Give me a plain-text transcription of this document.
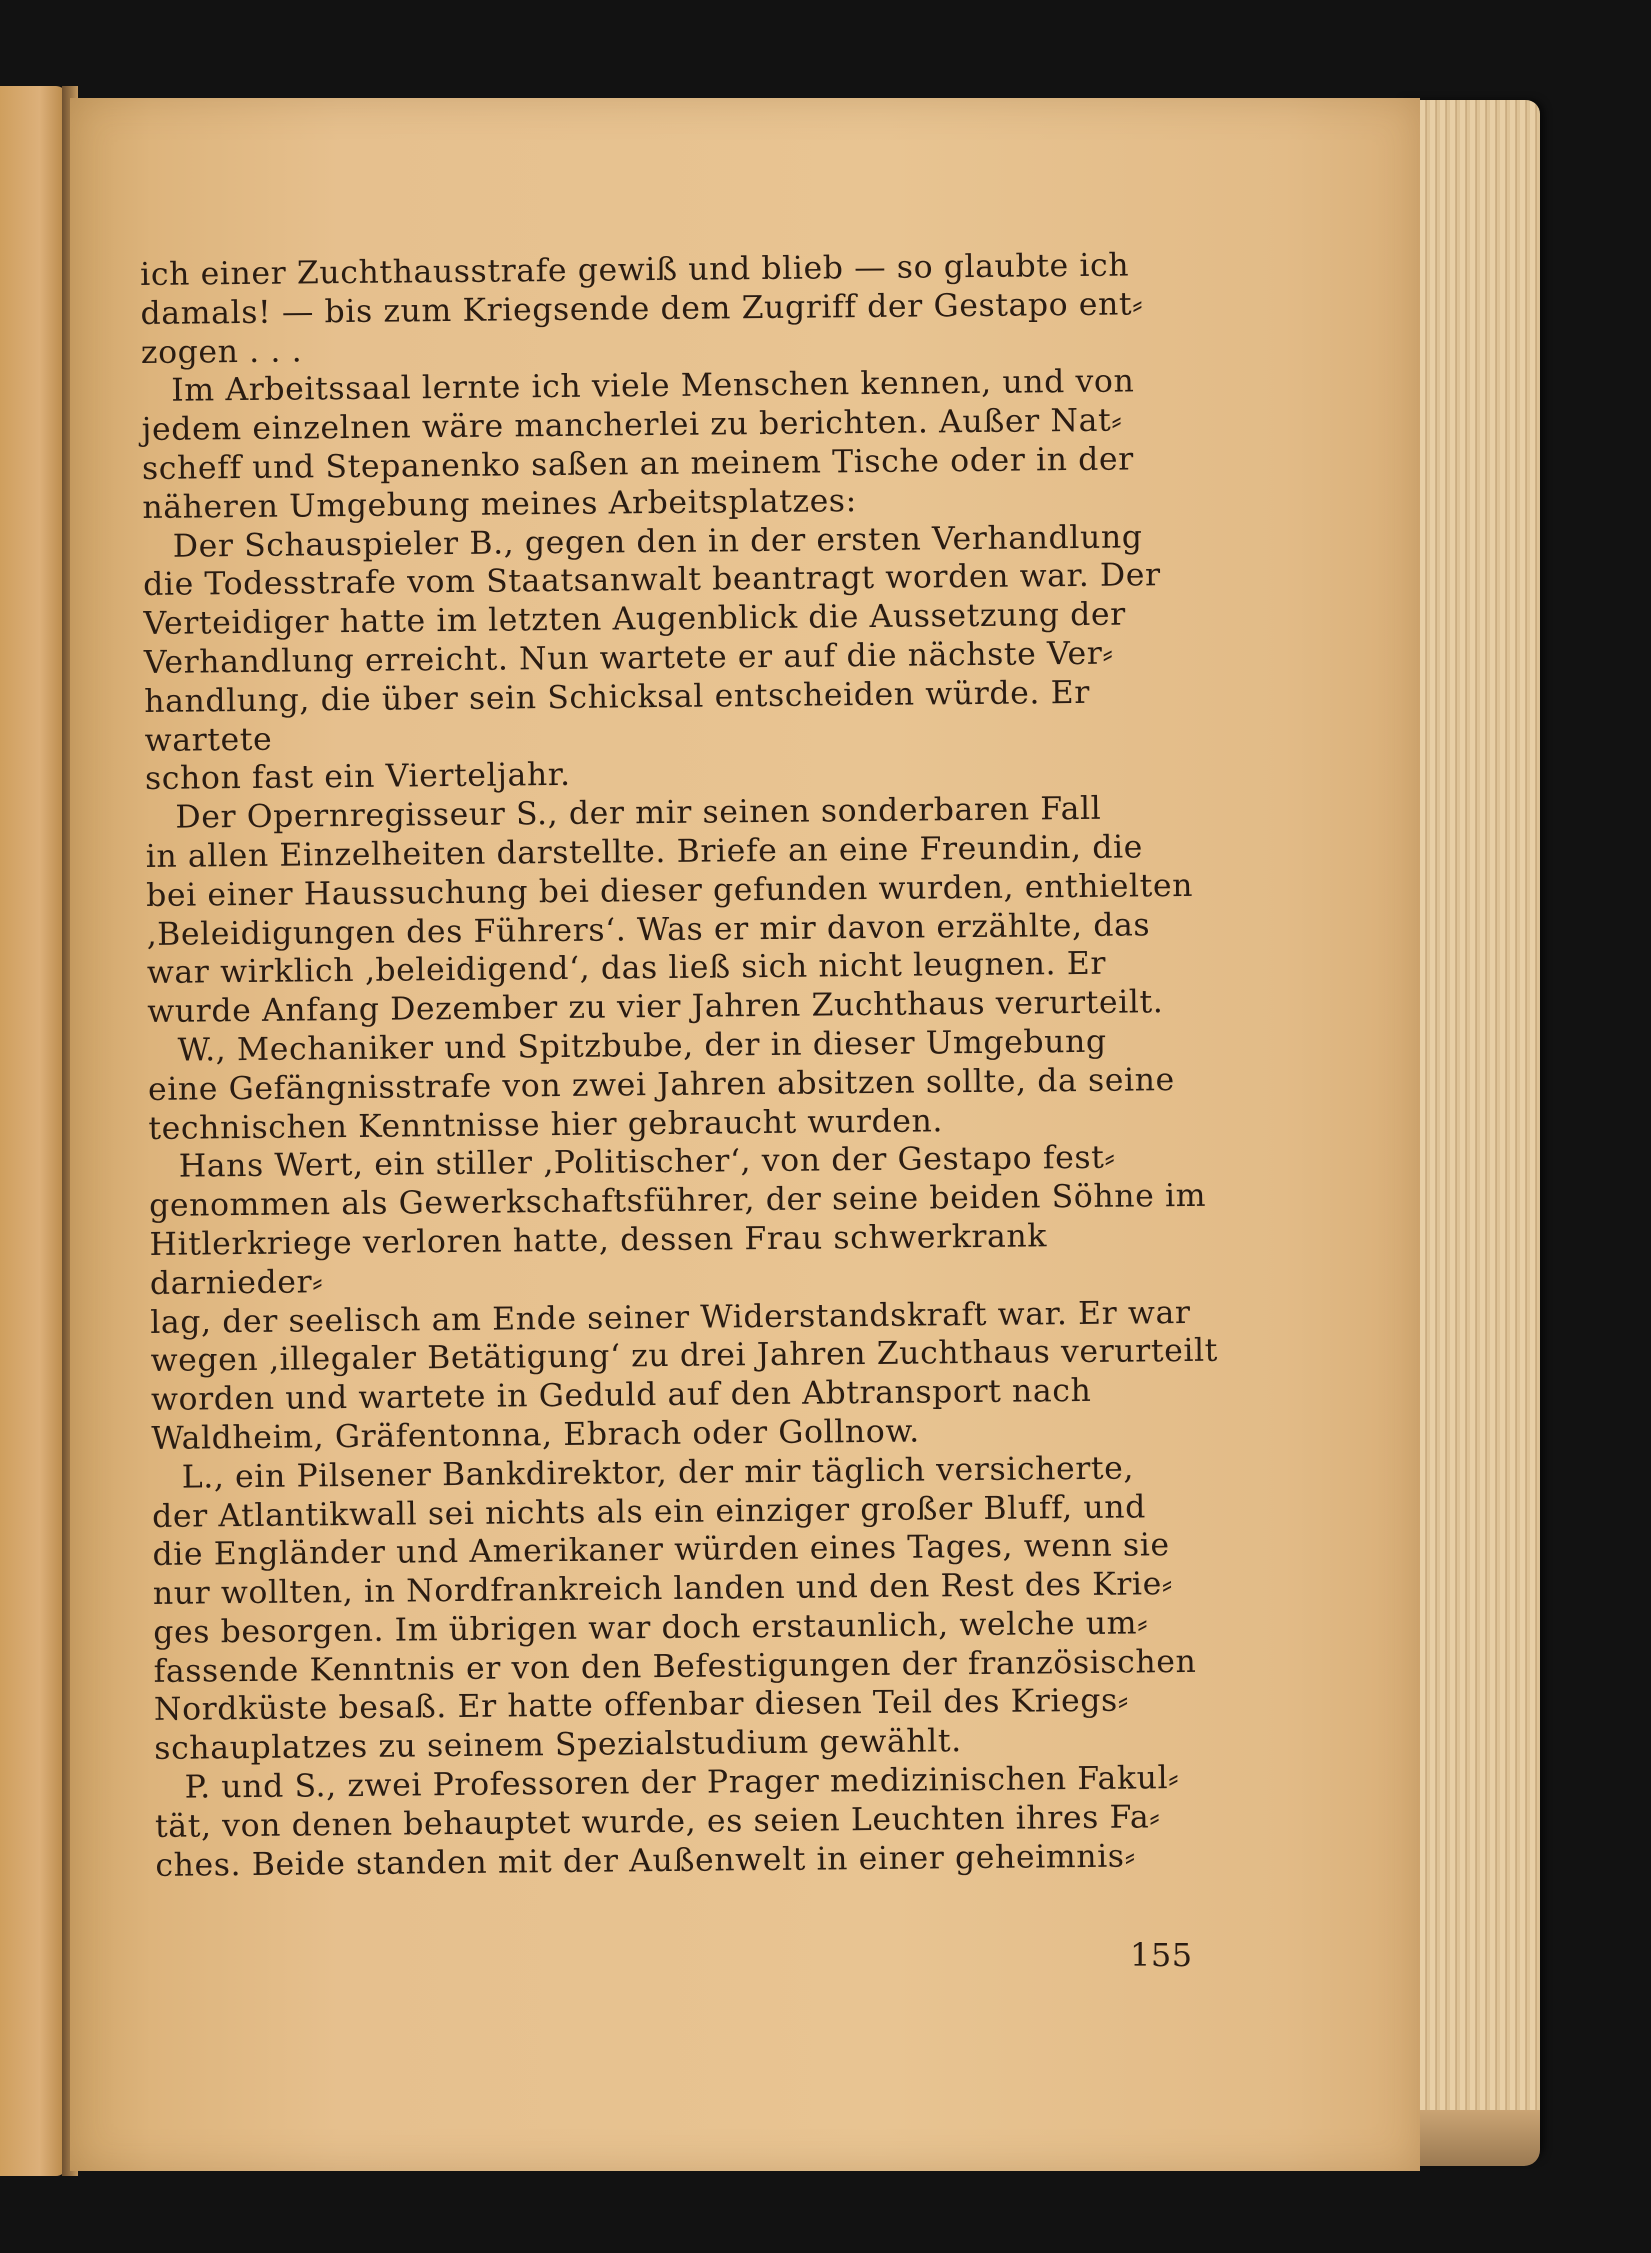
ich einer Zuchthausstrafe gewiß und blieb — so glaubte ich
damals! — bis zum Kriegsende dem Zugriff der Gestapo ent⸗
zogen . . .

Im Arbeitssaal lernte ich viele Menschen kennen, und von
jedem einzelnen wäre mancherlei zu berichten. Außer Nat⸗
scheff und Stepanenko saßen an meinem Tische oder in der
näheren Umgebung meines Arbeitsplatzes:

Der Schauspieler B., gegen den in der ersten Verhandlung
die Todesstrafe vom Staatsanwalt beantragt worden war. Der
Verteidiger hatte im letzten Augenblick die Aussetzung der
Verhandlung erreicht. Nun wartete er auf die nächste Ver⸗
handlung, die über sein Schicksal entscheiden würde. Er wartete
schon fast ein Vierteljahr.

Der Opernregisseur S., der mir seinen sonderbaren Fall
in allen Einzelheiten darstellte. Briefe an eine Freundin, die
bei einer Haussuchung bei dieser gefunden wurden, enthielten
‚Beleidigungen des Führers‘. Was er mir davon erzählte, das
war wirklich ‚beleidigend‘, das ließ sich nicht leugnen. Er
wurde Anfang Dezember zu vier Jahren Zuchthaus verurteilt.

W., Mechaniker und Spitzbube, der in dieser Umgebung
eine Gefängnisstrafe von zwei Jahren absitzen sollte, da seine
technischen Kenntnisse hier gebraucht wurden.

Hans Wert, ein stiller ‚Politischer‘, von der Gestapo fest⸗
genommen als Gewerkschaftsführer, der seine beiden Söhne im
Hitlerkriege verloren hatte, dessen Frau schwerkrank darnieder⸗
lag, der seelisch am Ende seiner Widerstandskraft war. Er war
wegen ‚illegaler Betätigung‘ zu drei Jahren Zuchthaus verurteilt
worden und wartete in Geduld auf den Abtransport nach
Waldheim, Gräfentonna, Ebrach oder Gollnow.

L., ein Pilsener Bankdirektor, der mir täglich versicherte,
der Atlantikwall sei nichts als ein einziger großer Bluff, und
die Engländer und Amerikaner würden eines Tages, wenn sie
nur wollten, in Nordfrankreich landen und den Rest des Krie⸗
ges besorgen. Im übrigen war doch erstaunlich, welche um⸗
fassende Kenntnis er von den Befestigungen der französischen
Nordküste besaß. Er hatte offenbar diesen Teil des Kriegs⸗
schauplatzes zu seinem Spezialstudium gewählt.

P. und S., zwei Professoren der Prager medizinischen Fakul⸗
tät, von denen behauptet wurde, es seien Leuchten ihres Fa⸗
ches. Beide standen mit der Außenwelt in einer geheimnis⸗

155
